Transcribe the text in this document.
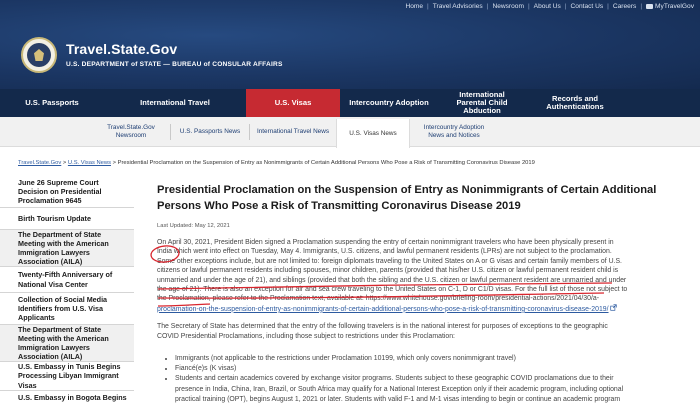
Home | Travel Advisories | Newsroom | About Us | Contact Us | Careers | MyTravelGov
Travel.State.Gov
U.S. DEPARTMENT of STATE — BUREAU of CONSULAR AFFAIRS
U.S. Passports	International Travel	U.S. Visas	Intercountry Adoption
International Parental Child Abduction
Records and Authentications
Travel.State.Gov Newsroom
U.S. Passports News	International Travel News	U.S. Visas News
Intercountry Adoption News and Notices
Travel.State.Gov > U.S. Visas News > Presidential Proclamation on the Suspension of Entry as Nonimmigrants of Certain Additional Persons Who Pose a Risk of Transmitting Coronavirus Disease 2019
June 26 Supreme Court Decision on Presidential Proclamation 9645
Birth Tourism Update
The Department of State Meeting with the American Immigration Lawyers Association (AILA)
Twenty-Fifth Anniversary of National Visa Center
Collection of Social Media Identifiers from U.S. Visa Applicants
The Department of State Meeting with the American Immigration Lawyers Association (AILA)
U.S. Embassy in Tunis Begins Processing Libyan Immigrant Visas
U.S. Embassy in Bogota Begins
Presidential Proclamation on the Suspension of Entry as Nonimmigrants of Certain Additional
Persons Who Pose a Risk of Transmitting Coronavirus Disease 2019
Last Updated: May 12, 2021
On April 30, 2021, President Biden signed a Proclamation suspending the entry of certain nonimmigrant travelers who have been physically present in
India which went into effect on Tuesday, May 4. Immigrants, U.S. citizens, and lawful permanent residents (LPRs) are not subject to the proclamation.
Some other exceptions include, but are not limited to: foreign diplomats traveling to the United States on A or G visas and certain family members of U.S.
citizens or lawful permanent residents including spouses, minor children, parents (provided that his/her U.S. citizen or lawful permanent resident child is
unmarried and under the age of 21), and siblings (provided that both the sibling and the U.S. citizen or lawful permanent resident are unmarried and under
the age of 21). There is also an exception for air and sea crew traveling to the United States on C-1, D or C1/D visas. For the full list of those not subject to
the Proclamation, please refer to the Proclamation text, available at: https://www.whitehouse.gov/briefing-room/presidential-actions/2021/04/30/a-
proclamation-on-the-suspension-of-entry-as-nonimmigrants-of-certain-additional-persons-who-pose-a-risk-of-transmitting-coronavirus-disease-2019/
The Secretary of State has determined that the entry of the following travelers is in the national interest for purposes of exceptions to the geographic
COVID Presidential Proclamations, including those subject to restrictions under this Proclamation:
• Immigrants (not applicable to the restrictions under Proclamation 10199, which only covers nonimmigrant travel)
• Fiancé(e)s (K visas)
• Students and certain academics covered by exchange visitor programs. Students subject to these geographic COVID proclamations due to their
presence in India, China, Iran, Brazil, or South Africa may qualify for a National Interest Exception only if their academic program, including optional
practical training (OPT), begins August 1, 2021 or later. Students with valid F-1 and M-1 visas intending to begin or continue an academic program
